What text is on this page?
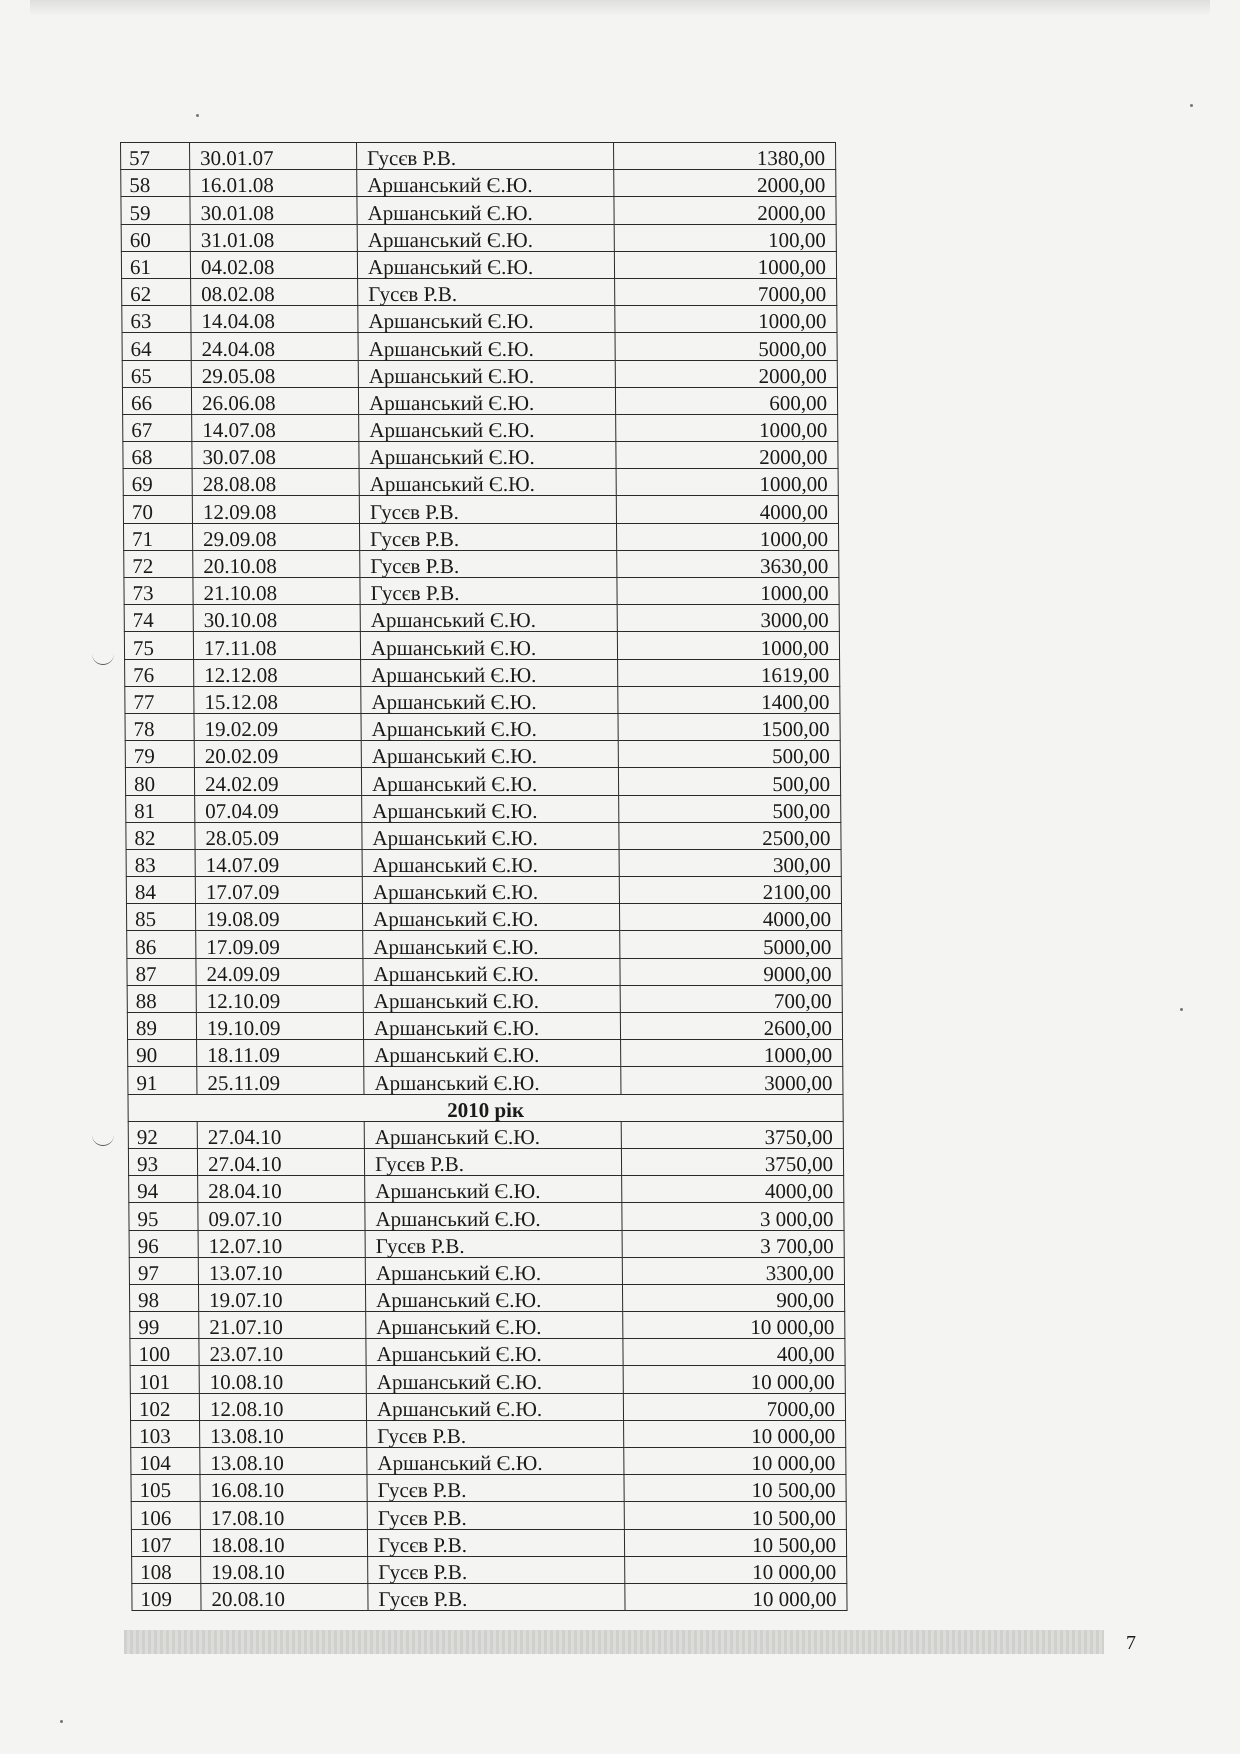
57	30.01.07	Гусєв Р.В.	1380,00
58	16.01.08	Аршанський Є.Ю.	2000,00
59	30.01.08	Аршанський Є.Ю.	2000,00
60	31.01.08	Аршанський Є.Ю.	100,00
61	04.02.08	Аршанський Є.Ю.	1000,00
62	08.02.08	Гусєв Р.В.	7000,00
63	14.04.08	Аршанський Є.Ю.	1000,00
64	24.04.08	Аршанський Є.Ю.	5000,00
65	29.05.08	Аршанський Є.Ю.	2000,00
66	26.06.08	Аршанський Є.Ю.	600,00
67	14.07.08	Аршанський Є.Ю.	1000,00
68	30.07.08	Аршанський Є.Ю.	2000,00
69	28.08.08	Аршанський Є.Ю.	1000,00
70	12.09.08	Гусєв Р.В.	4000,00
71	29.09.08	Гусєв Р.В.	1000,00
72	20.10.08	Гусєв Р.В.	3630,00
73	21.10.08	Гусєв Р.В.	1000,00
74	30.10.08	Аршанський Є.Ю.	3000,00
75	17.11.08	Аршанський Є.Ю.	1000,00
76	12.12.08	Аршанський Є.Ю.	1619,00
77	15.12.08	Аршанський Є.Ю.	1400,00
78	19.02.09	Аршанський Є.Ю.	1500,00
79	20.02.09	Аршанський Є.Ю.	500,00
80	24.02.09	Аршанський Є.Ю.	500,00
81	07.04.09	Аршанський Є.Ю.	500,00
82	28.05.09	Аршанський Є.Ю.	2500,00
83	14.07.09	Аршанський Є.Ю.	300,00
84	17.07.09	Аршанський Є.Ю.	2100,00
85	19.08.09	Аршанський Є.Ю.	4000,00
86	17.09.09	Аршанський Є.Ю.	5000,00
87	24.09.09	Аршанський Є.Ю.	9000,00
88	12.10.09	Аршанський Є.Ю.	700,00
89	19.10.09	Аршанський Є.Ю.	2600,00
90	18.11.09	Аршанський Є.Ю.	1000,00
91	25.11.09	Аршанський Є.Ю.	3000,00
2010 рік			
92	27.04.10	Аршанський Є.Ю.	3750,00
93	27.04.10	Гусєв Р.В.	3750,00
94	28.04.10	Аршанський Є.Ю.	4000,00
95	09.07.10	Аршанський Є.Ю.	3 000,00
96	12.07.10	Гусєв Р.В.	3 700,00
97	13.07.10	Аршанський Є.Ю.	3300,00
98	19.07.10	Аршанський Є.Ю.	900,00
99	21.07.10	Аршанський Є.Ю.	10 000,00
100	23.07.10	Аршанський Є.Ю.	400,00
101	10.08.10	Аршанський Є.Ю.	10 000,00
102	12.08.10	Аршанський Є.Ю.	7000,00
103	13.08.10	Гусєв Р.В.	10 000,00
104	13.08.10	Аршанський Є.Ю.	10 000,00
105	16.08.10	Гусєв Р.В.	10 500,00
106	17.08.10	Гусєв Р.В.	10 500,00
107	18.08.10	Гусєв Р.В.	10 500,00
108	19.08.10	Гусєв Р.В.	10 000,00
109	20.08.10	Гусєв Р.В.	10 000,00
7
